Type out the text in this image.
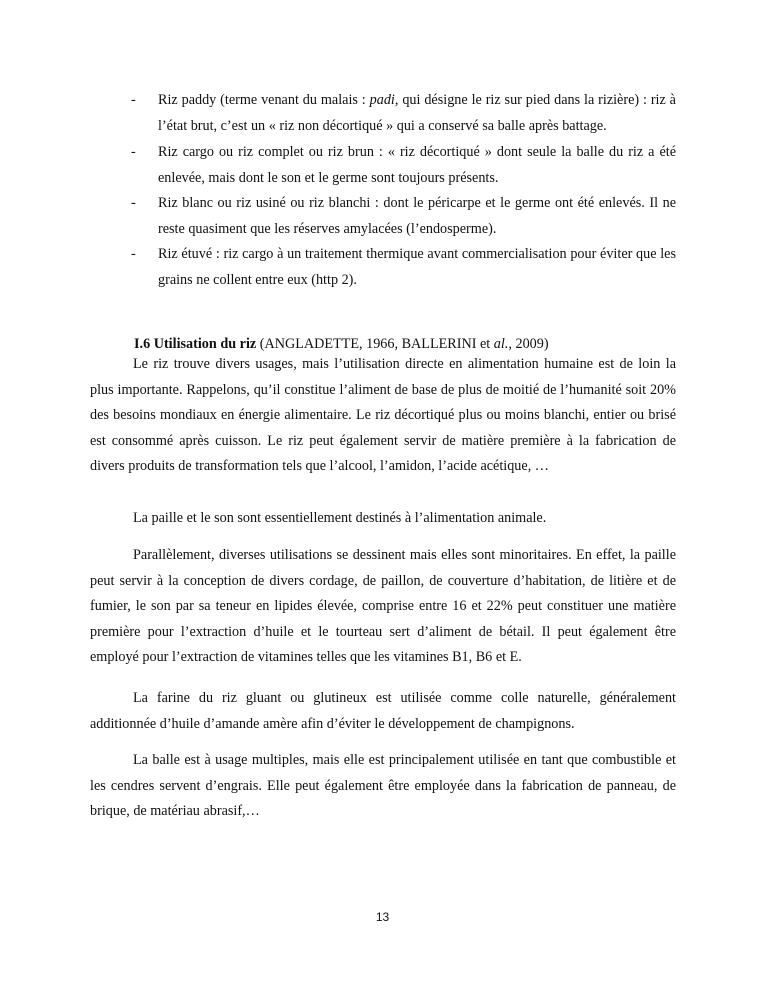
- Riz paddy (terme venant du malais : padi, qui désigne le riz sur pied dans la rizière) : riz à l’état brut, c’est un « riz non décortiqué » qui a conservé sa balle après battage.
- Riz cargo ou riz complet ou riz brun : « riz décortiqué » dont seule la balle du riz a été enlevée, mais dont le son et le germe sont toujours présents.
- Riz blanc ou riz usiné ou riz blanchi : dont le péricarpe et le germe ont été enlevés. Il ne reste quasiment que les réserves amylacées (l’endosperme).
- Riz étuvé : riz cargo à un traitement thermique avant commercialisation pour éviter que les grains ne collent entre eux (http 2).
I.6 Utilisation du riz (ANGLADETTE, 1966, BALLERINI et al., 2009)

Le riz trouve divers usages, mais l’utilisation directe en alimentation humaine est de loin la plus importante. Rappelons, qu’il constitue l’aliment de base de plus de moitié de l’humanité soit 20% des besoins mondiaux en énergie alimentaire. Le riz décortiqué plus ou moins blanchi, entier ou brisé est consommé après cuisson. Le riz peut également servir de matière première à la fabrication de divers produits de transformation tels que l’alcool, l’amidon, l’acide acétique, …

La paille et le son sont essentiellement destinés à l’alimentation animale.

Parallèlement, diverses utilisations se dessinent mais elles sont minoritaires. En effet, la paille peut servir à la conception de divers cordage, de paillon, de couverture d’habitation, de litière et de fumier, le son par sa teneur en lipides élevée, comprise entre 16 et 22% peut constituer une matière première pour l’extraction d’huile et le tourteau sert d’aliment de bétail. Il peut également être employé pour l’extraction de vitamines telles que les vitamines B1, B6 et E.

La farine du riz gluant ou glutineux est utilisée comme colle naturelle, généralement additionnée d’huile d’amande amère afin d’éviter le développement de champignons.

La balle est à usage multiples, mais elle est principalement utilisée en tant que combustible et les cendres servent d’engrais. Elle peut également être employée dans la fabrication de panneau, de brique, de matériau abrasif,…

13
